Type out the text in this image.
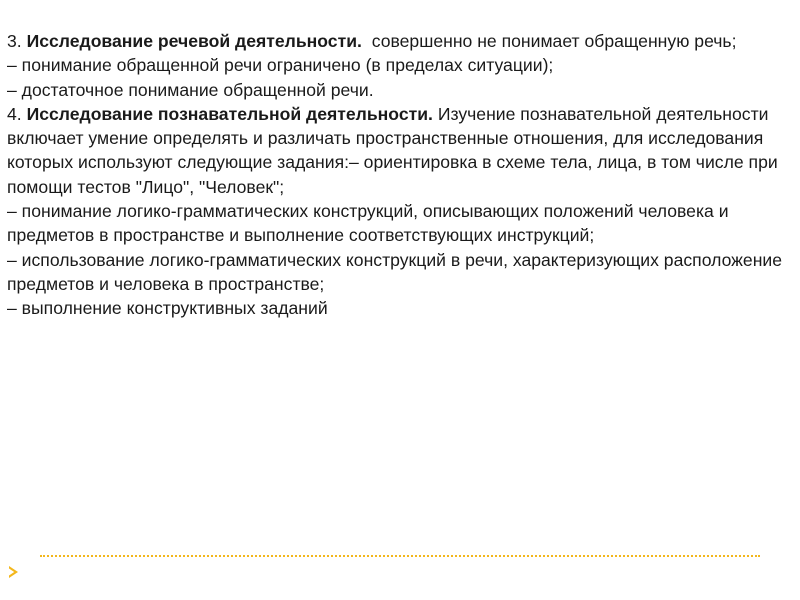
3. Исследование речевой деятельности. совершенно не понимает обращенную речь;

– понимание обращенной речи ограничено (в пределах ситуации);

– достаточное понимание обращенной речи.

4. Исследование познавательной деятельности. Изучение познавательной деятельности включает умение определять и различать пространственные отношения, для исследования которых используют следующие задания:– ориентировка в схеме тела, лица, в том числе при помощи тестов "Лицо", "Человек";

– понимание логико-грамматических конструкций, описывающих положений человека и предметов в пространстве и выполнение соответствующих инструкций;

– использование логико-грамматических конструкций в речи, характеризующих расположение предметов и человека в пространстве;

– выполнение конструктивных заданий
